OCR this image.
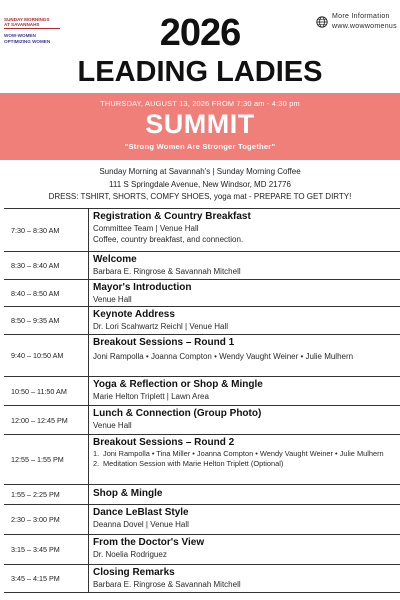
SUNDAY MORNINGS
AT SAVANNAHS
WOW-WOMEN
OPTIMIZING WOMEN
More Information
www.wowwomenus
2026
LEADING LADIES
THURSDAY, AUGUST 13, 2026 FROM 7:30 am - 4:30 pm
SUMMIT
"Strong Women Are Stronger Together"
Sunday Morning at Savannah's | Sunday Morning Coffee
111 S Springdale Avenue, New Windsor, MD 21776
DRESS: TSHIRT, SHORTS, COMFY SHOES, yoga mat - PREPARE TO GET DIRTY!
7:30 – 8:30 AM
Registration & Country Breakfast
Committee Team | Venue Hall
Coffee, country breakfast, and connection.
8:30 – 8:40 AM
Welcome
Barbara E. Ringrose & Savannah Mitchell
8:40 – 8:50 AM	Mayor's Introduction
Venue Hall
8:50 – 9:35 AM
Keynote Address
Dr. Lori Scahwartz Reichl | Venue Hall
9:40 – 10:50 AM
Breakout Sessions – Round 1
Joni Rampolla • Joanna Compton • Wendy Vaught Weiner • Julie Mulhern
10:50 – 11:50 AM
Yoga & Reflection or Shop & Mingle
Marie Helton Triplett | Lawn Area
12:00 – 12:45 PM
Lunch & Connection (Group Photo)
Venue Hall
12:55 – 1:55 PM
Breakout Sessions – Round 2
1. Joni Rampolla • Tina Miller • Joanna Compton • Wendy Vaught Weiner • Julie Mulhern
2. Meditation Session with Marie Helton Triplett (Optional)
1:55 – 2:25 PM	Shop & Mingle
2:30 – 3:00 PM
Dance LeBlast Style
Deanna Dovel | Venue Hall
3:15 – 3:45 PM
From the Doctor's View
Dr. Noelia Rodriguez
3:45 – 4:15 PM
Closing Remarks
Barbara E. Ringrose & Savannah Mitchell
